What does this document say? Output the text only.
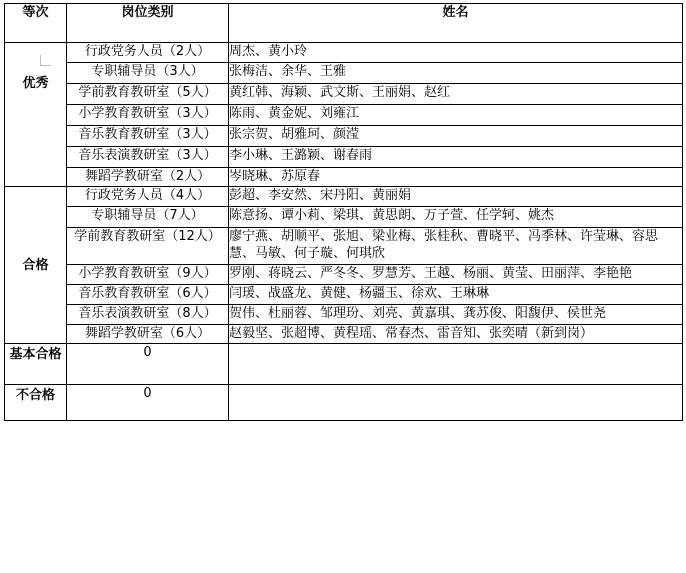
等次	岗位类别	姓名
优秀	行政党务人员（2人）	周杰、黄小玲
	专职辅导员（3人）	张梅洁、余华、王雅
	学前教育教研室（5人）	黄红韩、海颖、武文斯、王丽娟、赵红
	小学教育教研室（3人）	陈雨、黄金妮、刘雍江
	音乐教育教研室（3人）	张宗贺、胡雅珂、颜滢
	音乐表演教研室（3人）	李小琳、王潞颖、谢春雨
	舞蹈学教研室（2人）	岑晓琳、苏原春
合格	行政党务人员（4人）	彭超、李安然、宋丹阳、黄丽娟
	专职辅导员（7人）	陈意扬、谭小莉、梁琪、黄思朗、万子萱、任学轲、姚杰
	学前教育教研室（12人）	廖宁燕、胡顺平、张旭、梁业梅、张桂秋、曹晓平、冯季林、许莹琳、容思慧、马敏、何子璇、何琪欣
	小学教育教研室（9人）	罗刚、蒋晓云、严冬冬、罗慧芳、王越、杨丽、黄莹、田丽萍、李艳艳
	音乐教育教研室（6人）	闫瑗、战盛龙、黄健、杨疆玉、徐欢、王琳琳
	音乐表演教研室（8人）	贺伟、杜丽蓉、邹理玢、刘亮、黄嘉琪、龚苏俊、阳馥伊、侯世尧
	舞蹈学教研室（6人）	赵毅坚、张超博、黄程瑶、常春杰、雷音知、张奕晴（新到岗）
基本合格	0	
不合格	0	
